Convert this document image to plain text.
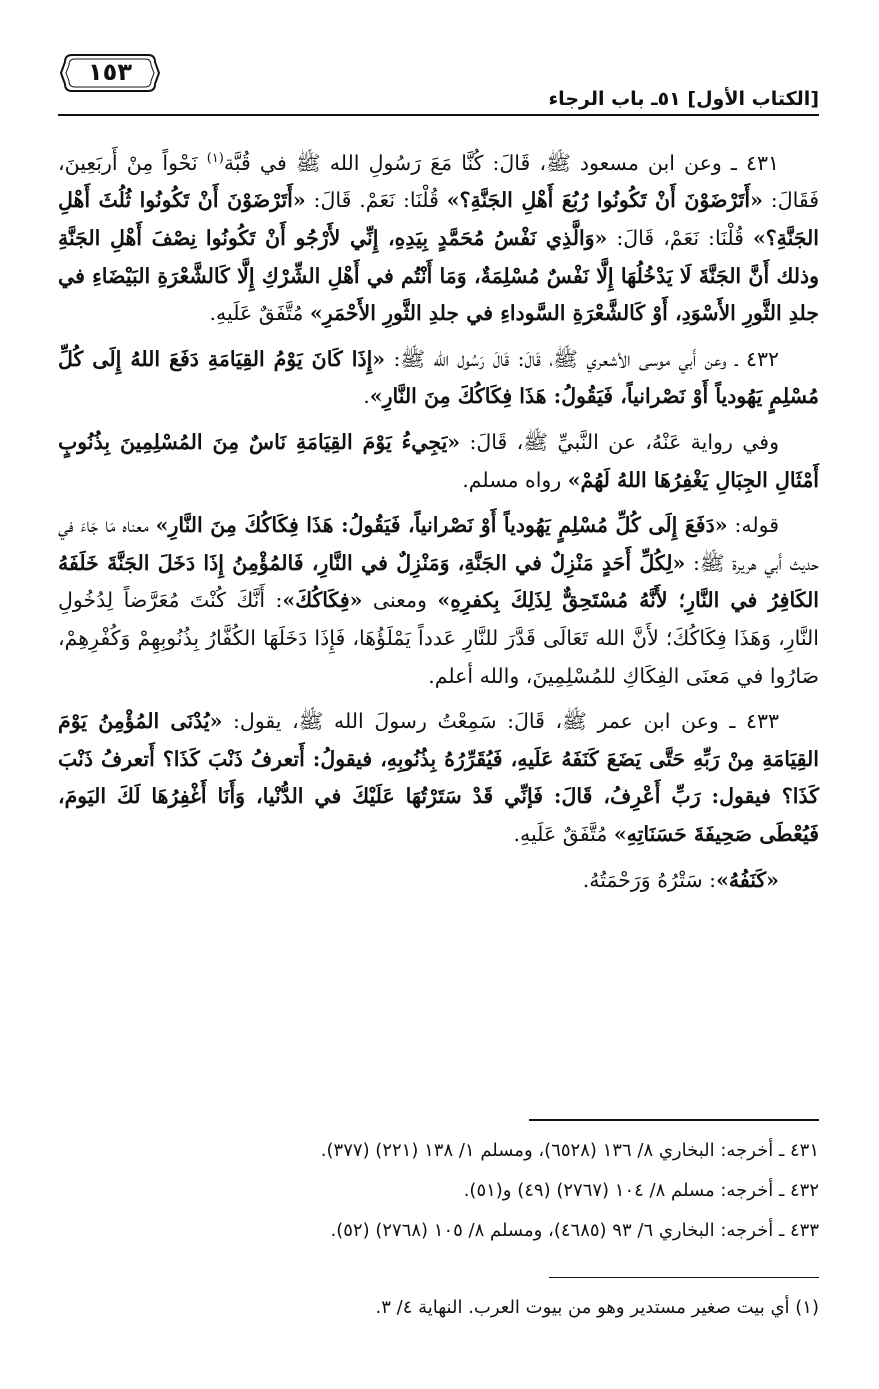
[الكتاب الأول] ٥١ـ باب الرجاء
١٥٣

٤٣١ ـ وعن ابن مسعود ﷺ، قَالَ: كُنَّا مَعَ رَسُولِ الله ﷺ في قُبَّة$^{(١)}$ نَحْواً مِنْ أَربَعِينَ، فَقَالَ: «أَتَرْضَوْنَ أَنْ تَكُونُوا رُبُعَ أَهْلِ الجَنَّةِ؟» قُلْنَا: نَعَمْ. قَالَ: «أَتَرْضَوْنَ أَنْ تَكُونُوا ثُلُثَ أَهْلِ الجَنَّةِ؟» قُلْنَا: نَعَمْ، قَالَ: «وَالَّذِي نَفْسُ مُحَمَّدٍ بِيَدِهِ، إِنِّي لأَرْجُو أَنْ تَكُونُوا نِصْفَ أَهْلِ الجَنَّةِ وذلك أَنَّ الجَنَّةَ لَا يَدْخُلُهَا إِلَّا نَفْسٌ مُسْلِمَةٌ، وَمَا أَنْتُم في أَهْلِ الشِّرْكِ إِلَّا كَالشَّعْرَةِ البَيْضَاءِ في جلدِ الثَّورِ الأَسْوَدِ، أَوْ كَالشَّعْرَةِ السَّوداءِ في جلدِ الثَّورِ الأَحْمَرِ» مُتَّفَقٌ عَلَيهِ.

٤٣٢ ـ وعن أَبي موسى الأشعري ﷺ، قَالَ: قَالَ رَسُول الله ﷺ: «إِذَا كَانَ يَوْمُ القِيَامَةِ دَفَعَ اللهُ إِلَى كُلِّ مُسْلِمٍ يَهُودياً أَوْ نَصْرانياً، فَيَقُولُ: هَذَا فِكَاكُكَ مِنَ النَّارِ».

وفي رواية عَنْهُ، عن النَّبيِّ ﷺ، قَالَ: «يَجِيءُ يَوْمَ القِيَامَةِ نَاسٌ مِنَ المُسْلِمِينَ بِذُنُوبٍ أَمْثَالِ الجِبَالِ يَغْفِرُهَا اللهُ لَهُمْ» رواه مسلم.

قوله: «دَفَعَ إِلَى كُلِّ مُسْلِمٍ يَهُودياً أَوْ نَصْرانياً، فَيَقُولُ: هَذَا فِكَاكُكَ مِنَ النَّارِ» معناه مَا جَاءَ في حديث أَبي هريرة ﷺ: «لِكُلِّ أَحَدٍ مَنْزِلٌ في الجَنَّةِ، وَمَنْزِلٌ في النَّارِ، فَالمُؤْمِنُ إِذَا دَخَلَ الجَنَّةَ خَلَفَهُ الكَافِرُ في النَّارِ؛ لأَنَّهُ مُسْتَحِقٌّ لِذَلِكَ بِكفرِهِ» ومعنى «فِكَاكُكَ»: أَنَّكَ كُنْتَ مُعَرَّضاً لِدُخُولِ النَّارِ، وَهَذَا فِكَاكُكَ؛ لأَنَّ الله تَعَالَى قَدَّرَ للنَّارِ عَدداً يَمْلَؤُهَا، فَإِذَا دَخَلَهَا الكُفَّارُ بِذُنُوبِهِمْ وَكُفْرِهِمْ، صَارُوا في مَعنَى الفِكَاكِ للمُسْلِمِينَ، والله أعلم.

٤٣٣ ـ وعن ابن عمر ﷺ، قَالَ: سَمِعْتُ رسولَ الله ﷺ، يقول: «يُدْنَى المُؤْمِنُ يَوْمَ القِيَامَةِ مِنْ رَبِّهِ حَتَّى يَضَعَ كَنَفَهُ عَلَيهِ، فَيُقَرِّرُهُ بِذُنُوبِهِ، فيقولُ: أَتعرفُ ذَنْبَ كَذَا؟ أَتعرفُ ذَنْبَ كَذَا؟ فيقول: رَبِّ أَعْرِفُ، قَالَ: فَإنِّي قَدْ سَتَرْتُهَا عَلَيْكَ في الدُّنْيا، وَأَنَا أَغْفِرُهَا لَكَ اليَومَ، فَيُعْطَى صَحِيفَةَ حَسَنَاتِهِ» مُتَّفَقٌ عَلَيهِ.

«كَنَفُهُ»: سَتْرُهُ وَرَحْمَتُهُ.

٤٣١ ـ أخرجه: البخاري ٨/ ١٣٦ (٦٥٢٨)، ومسلم ١/ ١٣٨ (٢٢١) (٣٧٧).
٤٣٢ ـ أخرجه: مسلم ٨/ ١٠٤ (٢٧٦٧) (٤٩) و(٥١).
٤٣٣ ـ أخرجه: البخاري ٦/ ٩٣ (٤٦٨٥)، ومسلم ٨/ ١٠٥ (٢٧٦٨) (٥٢).
(١) أي بيت صغير مستدير وهو من بيوت العرب. النهاية ٤/ ٣.
